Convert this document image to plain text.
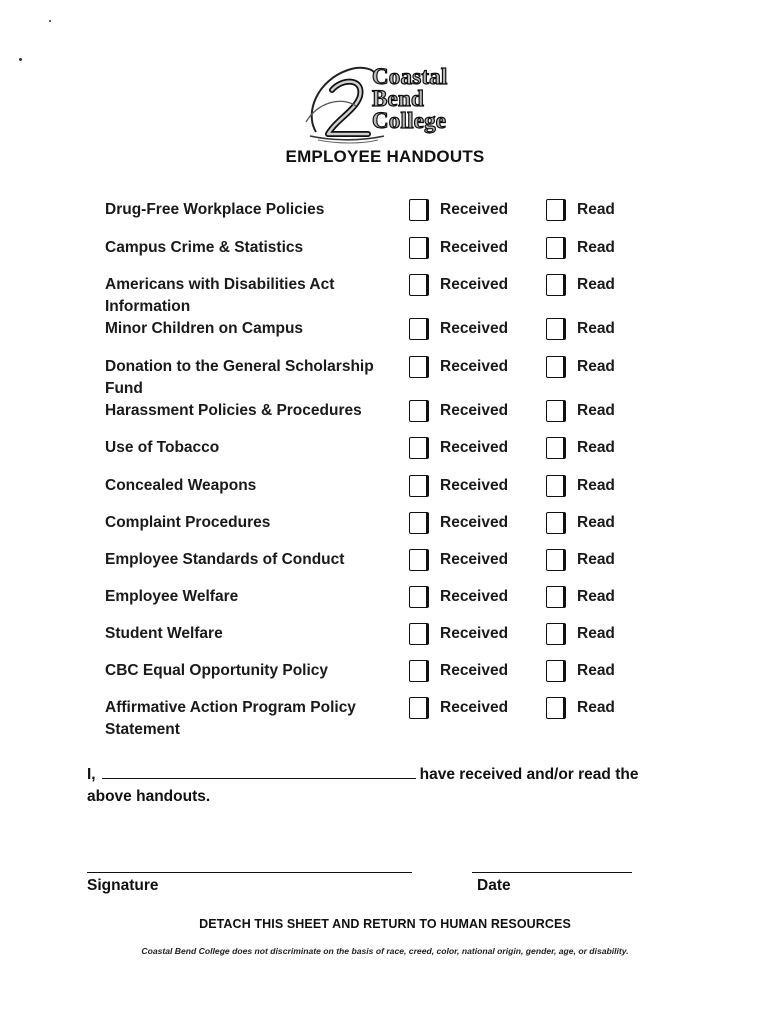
Coastal
Bend
College
EMPLOYEE HANDOUTS
Drug-Free Workplace Policies	Received	Read
Campus Crime & Statistics	Received	Read
Americans with Disabilities Act
Information
Received	Read
Minor Children on Campus	Received	Read
Donation to the General Scholarship
Fund
Received	Read
Harassment Policies & Procedures	Received	Read
Use of Tobacco	Received	Read
Concealed Weapons	Received	Read
Complaint Procedures	Received	Read
Employee Standards of Conduct	Received	Read
Employee Welfare	Received	Read
Student Welfare	Received	Read
CBC Equal Opportunity Policy	Received	Read
Affirmative Action Program Policy
Statement
Received	Read
I,	have received and/or read the
above handouts.
Signature	Date
DETACH THIS SHEET AND RETURN TO HUMAN RESOURCES
Coastal Bend College does not discriminate on the basis of race, creed, color, national origin, gender, age, or disability.
